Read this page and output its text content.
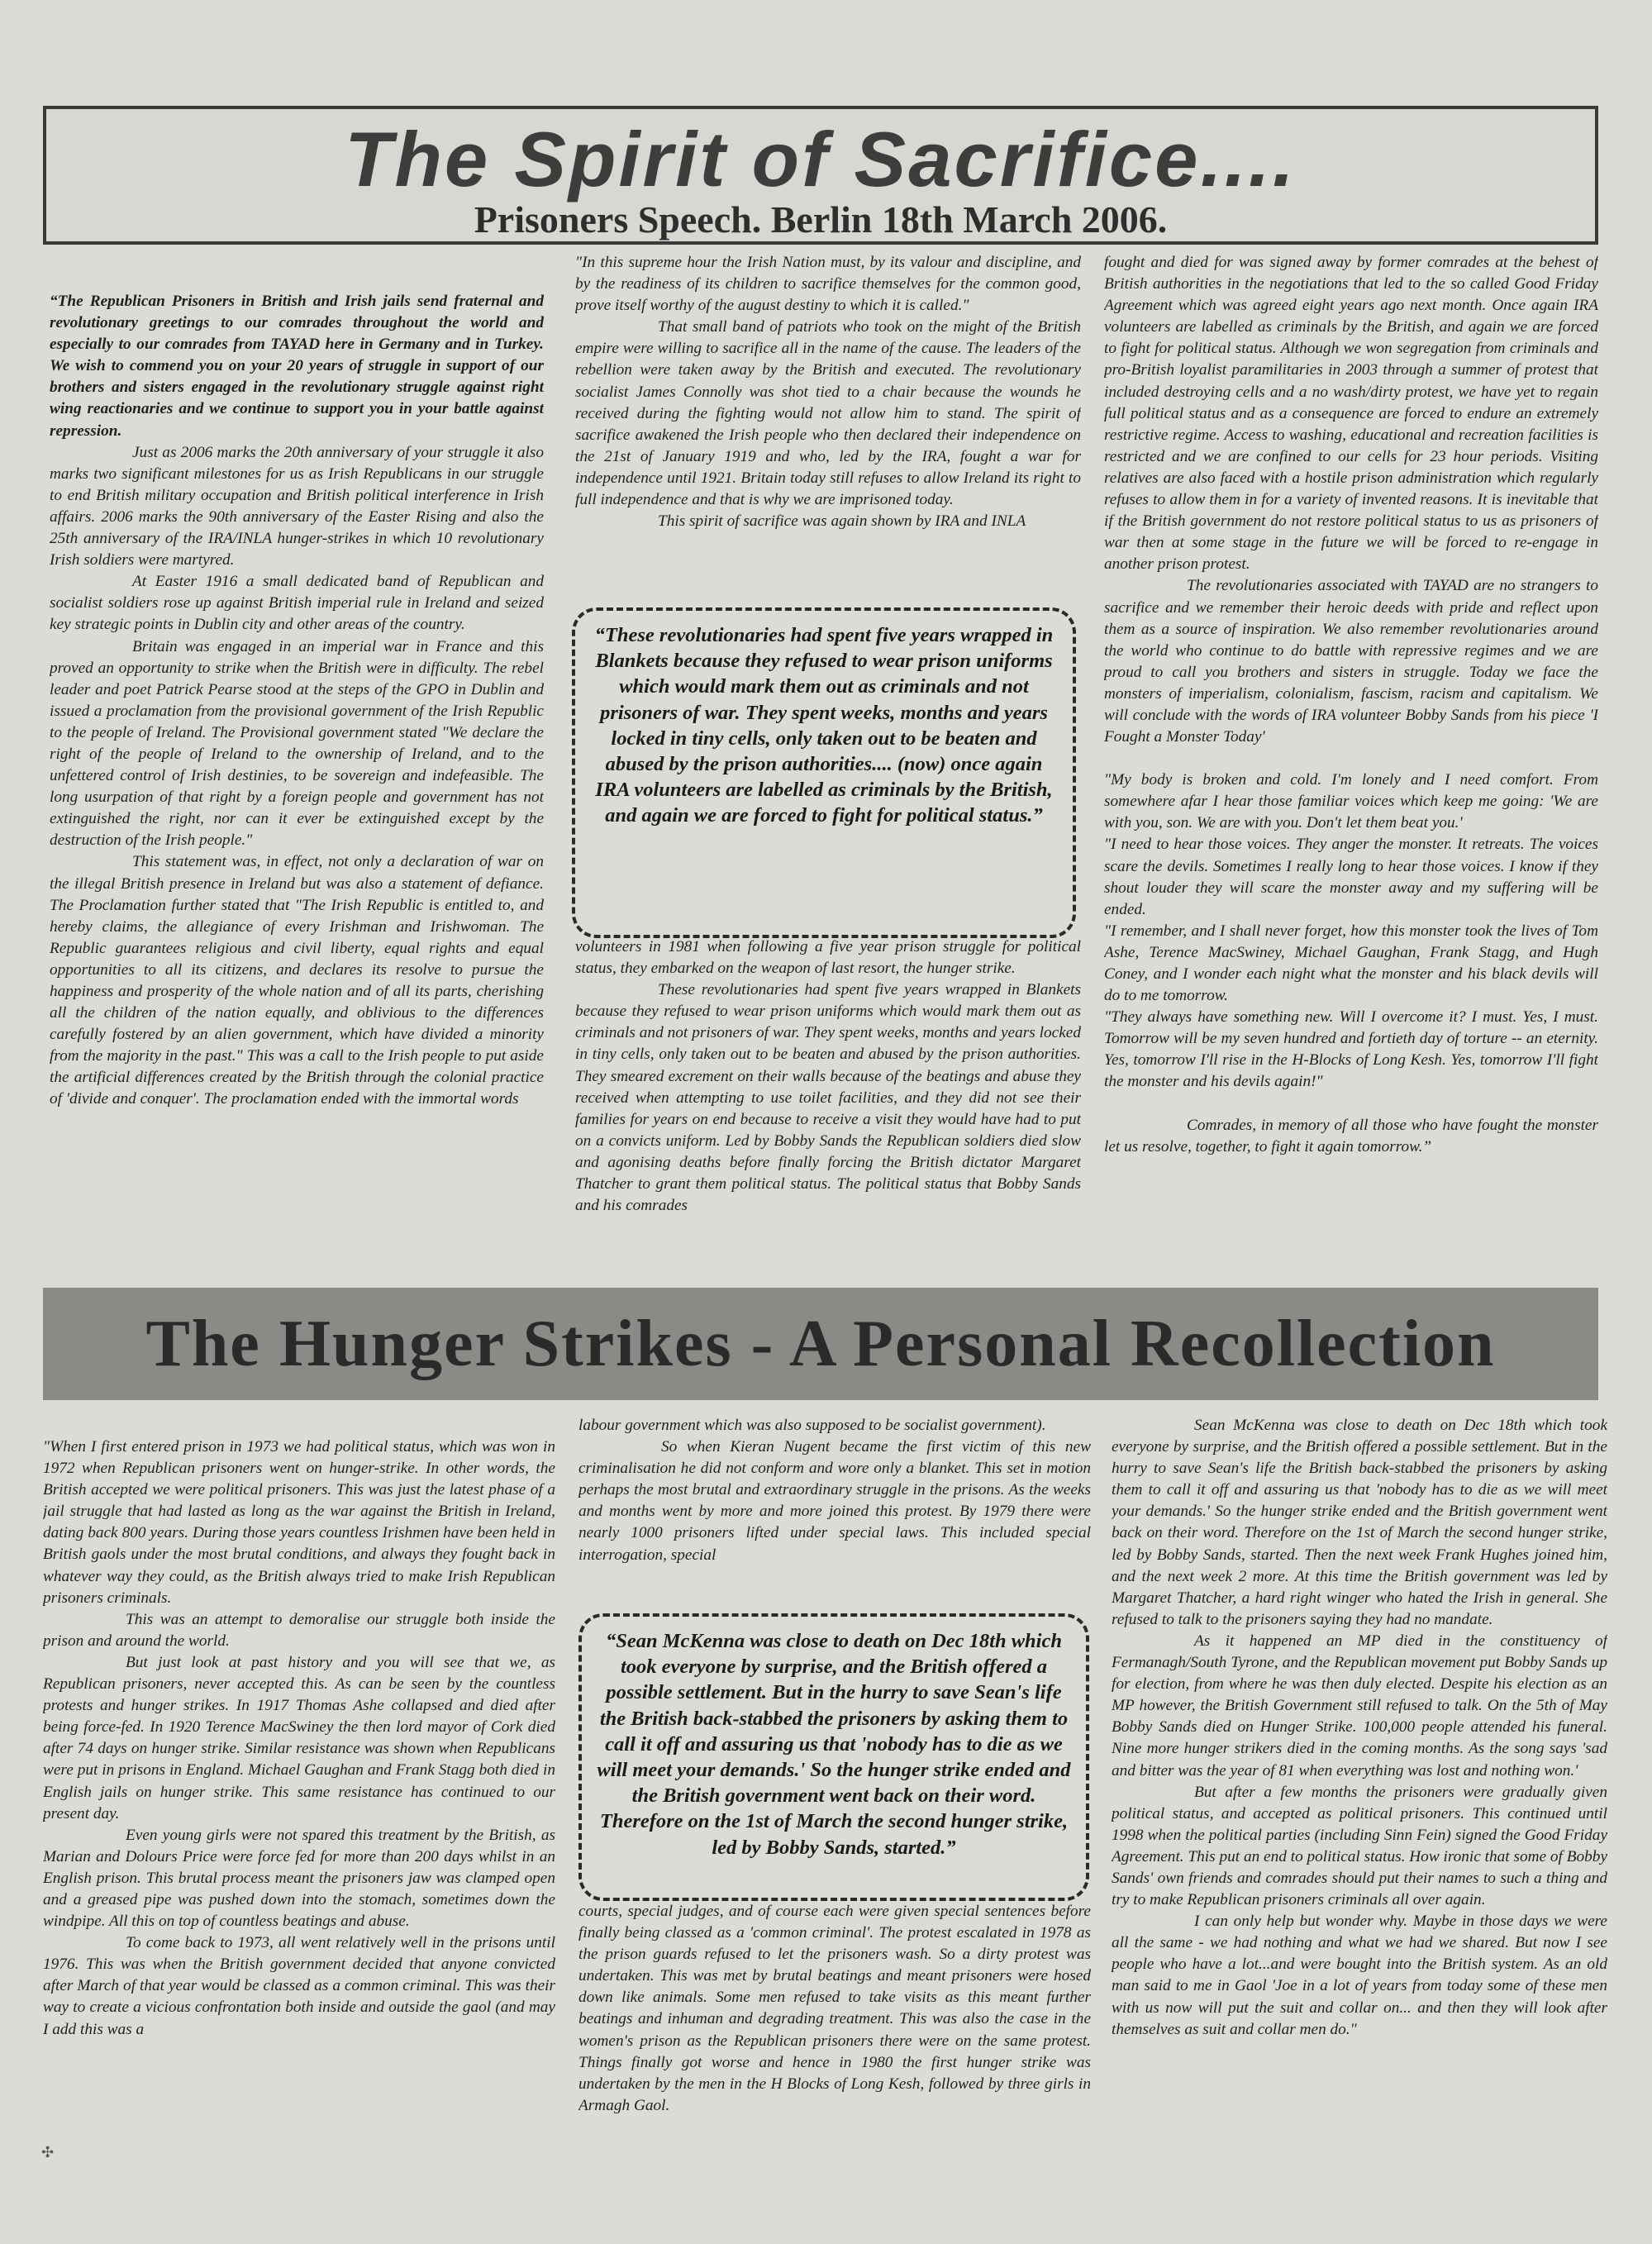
The Spirit of Sacrifice....
Prisoners Speech. Berlin 18th March 2006.

“The Republican Prisoners in British and Irish jails send fraternal and revolutionary greetings to our comrades throughout the world and especially to our comrades from TAYAD here in Germany and in Turkey. We wish to commend you on your 20 years of struggle in support of our brothers and sisters engaged in the revolutionary struggle against right wing reactionaries and we continue to support you in your battle against repression.

Just as 2006 marks the 20th anniversary of your struggle it also marks two significant milestones for us as Irish Republicans in our struggle to end British military occupation and British political interference in Irish affairs. 2006 marks the 90th anniversary of the Easter Rising and also the 25th anniversary of the IRA/INLA hunger-strikes in which 10 revolutionary Irish soldiers were martyred.

At Easter 1916 a small dedicated band of Republican and socialist soldiers rose up against British imperial rule in Ireland and seized key strategic points in Dublin city and other areas of the country.

Britain was engaged in an imperial war in France and this proved an opportunity to strike when the British were in difficulty. The rebel leader and poet Patrick Pearse stood at the steps of the GPO in Dublin and issued a proclamation from the provisional government of the Irish Republic to the people of Ireland. The Provisional government stated "We declare the right of the people of Ireland to the ownership of Ireland, and to the unfettered control of Irish destinies, to be sovereign and indefeasible. The long usurpation of that right by a foreign people and government has not extinguished the right, nor can it ever be extinguished except by the destruction of the Irish people."

This statement was, in effect, not only a declaration of war on the illegal British presence in Ireland but was also a statement of defiance. The Proclamation further stated that "The Irish Republic is entitled to, and hereby claims, the allegiance of every Irishman and Irishwoman. The Republic guarantees religious and civil liberty, equal rights and equal opportunities to all its citizens, and declares its resolve to pursue the happiness and prosperity of the whole nation and of all its parts, cherishing all the children of the nation equally, and oblivious to the differences carefully fostered by an alien government, which have divided a minority from the majority in the past." This was a call to the Irish people to put aside the artificial differences created by the British through the colonial practice of 'divide and conquer'. The proclamation ended with the immortal words

"In this supreme hour the Irish Nation must, by its valour and discipline, and by the readiness of its children to sacrifice themselves for the common good, prove itself worthy of the august destiny to which it is called."

That small band of patriots who took on the might of the British empire were willing to sacrifice all in the name of the cause. The leaders of the rebellion were taken away by the British and executed. The revolutionary socialist James Connolly was shot tied to a chair because the wounds he received during the fighting would not allow him to stand. The spirit of sacrifice awakened the Irish people who then declared their independence on the 21st of January 1919 and who, led by the IRA, fought a war for independence until 1921. Britain today still refuses to allow Ireland its right to full independence and that is why we are imprisoned today.

This spirit of sacrifice was again shown by IRA and INLA

“These revolutionaries had spent five years wrapped in Blankets because they refused to wear prison uniforms which would mark them out as criminals and not prisoners of war. They spent weeks, months and years locked in tiny cells, only taken out to be beaten and abused by the prison authorities.... (now) once again IRA volunteers are labelled as criminals by the British, and again we are forced to fight for political status.”

volunteers in 1981 when following a five year prison struggle for political status, they embarked on the weapon of last resort, the hunger strike.

These revolutionaries had spent five years wrapped in Blankets because they refused to wear prison uniforms which would mark them out as criminals and not prisoners of war. They spent weeks, months and years locked in tiny cells, only taken out to be beaten and abused by the prison authorities. They smeared excrement on their walls because of the beatings and abuse they received when attempting to use toilet facilities, and they did not see their families for years on end because to receive a visit they would have had to put on a convicts uniform. Led by Bobby Sands the Republican soldiers died slow and agonising deaths before finally forcing the British dictator Margaret Thatcher to grant them political status. The political status that Bobby Sands and his comrades

fought and died for was signed away by former comrades at the behest of British authorities in the negotiations that led to the so called Good Friday Agreement which was agreed eight years ago next month. Once again IRA volunteers are labelled as criminals by the British, and again we are forced to fight for political status. Although we won segregation from criminals and pro-British loyalist paramilitaries in 2003 through a summer of protest that included destroying cells and a no wash/dirty protest, we have yet to regain full political status and as a consequence are forced to endure an extremely restrictive regime. Access to washing, educational and recreation facilities is restricted and we are confined to our cells for 23 hour periods. Visiting relatives are also faced with a hostile prison administration which regularly refuses to allow them in for a variety of invented reasons. It is inevitable that if the British government do not restore political status to us as prisoners of war then at some stage in the future we will be forced to re-engage in another prison protest.

The revolutionaries associated with TAYAD are no strangers to sacrifice and we remember their heroic deeds with pride and reflect upon them as a source of inspiration. We also remember revolutionaries around the world who continue to do battle with repressive regimes and we are proud to call you brothers and sisters in struggle. Today we face the monsters of imperialism, colonialism, fascism, racism and capitalism. We will conclude with the words of IRA volunteer Bobby Sands from his piece 'I Fought a Monster Today'

"My body is broken and cold. I'm lonely and I need comfort. From somewhere afar I hear those familiar voices which keep me going: 'We are with you, son. We are with you. Don't let them beat you.'

"I need to hear those voices. They anger the monster. It retreats. The voices scare the devils. Sometimes I really long to hear those voices. I know if they shout louder they will scare the monster away and my suffering will be ended.

"I remember, and I shall never forget, how this monster took the lives of Tom Ashe, Terence MacSwiney, Michael Gaughan, Frank Stagg, and Hugh Coney, and I wonder each night what the monster and his black devils will do to me tomorrow.

"They always have something new. Will I overcome it? I must. Yes, I must. Tomorrow will be my seven hundred and fortieth day of torture -- an eternity. Yes, tomorrow I'll rise in the H-Blocks of Long Kesh. Yes, tomorrow I'll fight the monster and his devils again!"

Comrades, in memory of all those who have fought the monster let us resolve, together, to fight it again tomorrow.”

The Hunger Strikes - A Personal Recollection

"When I first entered prison in 1973 we had political status, which was won in 1972 when Republican prisoners went on hunger-strike. In other words, the British accepted we were political prisoners. This was just the latest phase of a jail struggle that had lasted as long as the war against the British in Ireland, dating back 800 years. During those years countless Irishmen have been held in British gaols under the most brutal conditions, and always they fought back in whatever way they could, as the British always tried to make Irish Republican prisoners criminals.

This was an attempt to demoralise our struggle both inside the prison and around the world.

But just look at past history and you will see that we, as Republican prisoners, never accepted this. As can be seen by the countless protests and hunger strikes. In 1917 Thomas Ashe collapsed and died after being force-fed. In 1920 Terence MacSwiney the then lord mayor of Cork died after 74 days on hunger strike. Similar resistance was shown when Republicans were put in prisons in England. Michael Gaughan and Frank Stagg both died in English jails on hunger strike. This same resistance has continued to our present day.

Even young girls were not spared this treatment by the British, as Marian and Dolours Price were force fed for more than 200 days whilst in an English prison. This brutal process meant the prisoners jaw was clamped open and a greased pipe was pushed down into the stomach, sometimes down the windpipe. All this on top of countless beatings and abuse.

To come back to 1973, all went relatively well in the prisons until 1976. This was when the British government decided that anyone convicted after March of that year would be classed as a common criminal. This was their way to create a vicious confrontation both inside and outside the gaol (and may I add this was a

labour government which was also supposed to be socialist government).

So when Kieran Nugent became the first victim of this new criminalisation he did not conform and wore only a blanket. This set in motion perhaps the most brutal and extraordinary struggle in the prisons. As the weeks and months went by more and more joined this protest. By 1979 there were nearly 1000 prisoners lifted under special laws. This included special interrogation, special

“Sean McKenna was close to death on Dec 18th which took everyone by surprise, and the British offered a possible settlement. But in the hurry to save Sean's life the British back-stabbed the prisoners by asking them to call it off and assuring us that 'nobody has to die as we will meet your demands.' So the hunger strike ended and the British government went back on their word. Therefore on the 1st of March the second hunger strike, led by Bobby Sands, started.”

courts, special judges, and of course each were given special sentences before finally being classed as a 'common criminal'. The protest escalated in 1978 as the prison guards refused to let the prisoners wash. So a dirty protest was undertaken. This was met by brutal beatings and meant prisoners were hosed down like animals. Some men refused to take visits as this meant further beatings and inhuman and degrading treatment. This was also the case in the women's prison as the Republican prisoners there were on the same protest. Things finally got worse and hence in 1980 the first hunger strike was undertaken by the men in the H Blocks of Long Kesh, followed by three girls in Armagh Gaol.

Sean McKenna was close to death on Dec 18th which took everyone by surprise, and the British offered a possible settlement. But in the hurry to save Sean's life the British back-stabbed the prisoners by asking them to call it off and assuring us that 'nobody has to die as we will meet your demands.' So the hunger strike ended and the British government went back on their word. Therefore on the 1st of March the second hunger strike, led by Bobby Sands, started. Then the next week Frank Hughes joined him, and the next week 2 more. At this time the British government was led by Margaret Thatcher, a hard right winger who hated the Irish in general. She refused to talk to the prisoners saying they had no mandate.

As it happened an MP died in the constituency of Fermanagh/South Tyrone, and the Republican movement put Bobby Sands up for election, from where he was then duly elected. Despite his election as an MP however, the British Government still refused to talk. On the 5th of May Bobby Sands died on Hunger Strike. 100,000 people attended his funeral. Nine more hunger strikers died in the coming months. As the song says 'sad and bitter was the year of 81 when everything was lost and nothing won.'

But after a few months the prisoners were gradually given political status, and accepted as political prisoners. This continued until 1998 when the political parties (including Sinn Fein) signed the Good Friday Agreement. This put an end to political status. How ironic that some of Bobby Sands' own friends and comrades should put their names to such a thing and try to make Republican prisoners criminals all over again.

I can only help but wonder why. Maybe in those days we were all the same - we had nothing and what we had we shared. But now I see people who have a lot...and were bought into the British system. As an old man said to me in Gaol 'Joe in a lot of years from today some of these men with us now will put the suit and collar on... and then they will look after themselves as suit and collar men do."

✣
